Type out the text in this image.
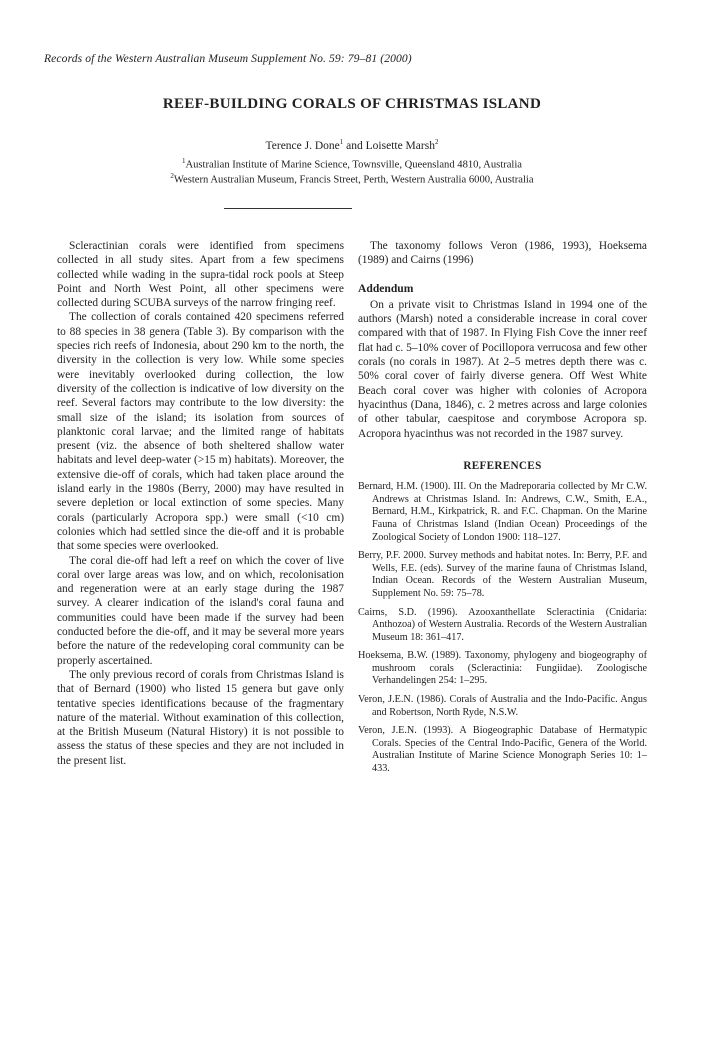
Records of the Western Australian Museum Supplement No. 59: 79–81 (2000)
REEF-BUILDING CORALS OF CHRISTMAS ISLAND
Terence J. Done$^1$ and Loisette Marsh$^2$
$^1$Australian Institute of Marine Science, Townsville, Queensland 4810, Australia
$^2$Western Australian Museum, Francis Street, Perth, Western Australia 6000, Australia

Scleractinian corals were identified from specimens collected in all study sites. Apart from a few specimens collected while wading in the supra-tidal rock pools at Steep Point and North West Point, all other specimens were collected during SCUBA surveys of the narrow fringing reef.

The collection of corals contained 420 specimens referred to 88 species in 38 genera (Table 3). By comparison with the species rich reefs of Indonesia, about 290 km to the north, the diversity in the collection is very low. While some species were inevitably overlooked during collection, the low diversity of the collection is indicative of low diversity on the reef. Several factors may contribute to the low diversity: the small size of the island; its isolation from sources of planktonic coral larvae; and the limited range of habitats present (viz. the absence of both sheltered shallow water habitats and level deep-water (>15 m) habitats). Moreover, the extensive die-off of corals, which had taken place around the island early in the 1980s (Berry, 2000) may have resulted in severe depletion or local extinction of some species. Many corals (particularly Acropora spp.) were small (<10 cm) colonies which had settled since the die-off and it is probable that some species were overlooked.

The coral die-off had left a reef on which the cover of live coral over large areas was low, and on which, recolonisation and regeneration were at an early stage during the 1987 survey. A clearer indication of the island's coral fauna and communities could have been made if the survey had been conducted before the die-off, and it may be several more years before the nature of the redeveloping coral community can be properly ascertained.

The only previous record of corals from Christmas Island is that of Bernard (1900) who listed 15 genera but gave only tentative species identifications because of the fragmentary nature of the material. Without examination of this collection, at the British Museum (Natural History) it is not possible to assess the status of these species and they are not included in the present list.

The taxonomy follows Veron (1986, 1993), Hoeksema (1989) and Cairns (1996)

Addendum

On a private visit to Christmas Island in 1994 one of the authors (Marsh) noted a considerable increase in coral cover compared with that of 1987. In Flying Fish Cove the inner reef flat had c. 5–10% cover of Pocillopora verrucosa and few other corals (no corals in 1987). At 2–5 metres depth there was c. 50% coral cover of fairly diverse genera. Off West White Beach coral cover was higher with colonies of Acropora hyacinthus (Dana, 1846), c. 2 metres across and large colonies of other tabular, caespitose and corymbose Acropora sp. Acropora hyacinthus was not recorded in the 1987 survey.

REFERENCES
Bernard, H.M. (1900). III. On the Madreporaria collected by Mr C.W. Andrews at Christmas Island. In: Andrews, C.W., Smith, E.A., Bernard, H.M., Kirkpatrick, R. and F.C. Chapman. On the Marine Fauna of Christmas Island (Indian Ocean) Proceedings of the Zoological Society of London 1900: 118–127.
Berry, P.F. 2000. Survey methods and habitat notes. In: Berry, P.F. and Wells, F.E. (eds). Survey of the marine fauna of Christmas Island, Indian Ocean. Records of the Western Australian Museum, Supplement No. 59: 75–78.
Cairns, S.D. (1996). Azooxanthellate Scleractinia (Cnidaria: Anthozoa) of Western Australia. Records of the Western Australian Museum 18: 361–417.
Hoeksema, B.W. (1989). Taxonomy, phylogeny and biogeography of mushroom corals (Scleractinia: Fungiidae). Zoologische Verhandelingen 254: 1–295.
Veron, J.E.N. (1986). Corals of Australia and the Indo-Pacific. Angus and Robertson, North Ryde, N.S.W.
Veron, J.E.N. (1993). A Biogeographic Database of Hermatypic Corals. Species of the Central Indo-Pacific, Genera of the World. Australian Institute of Marine Science Monograph Series 10: 1–433.
